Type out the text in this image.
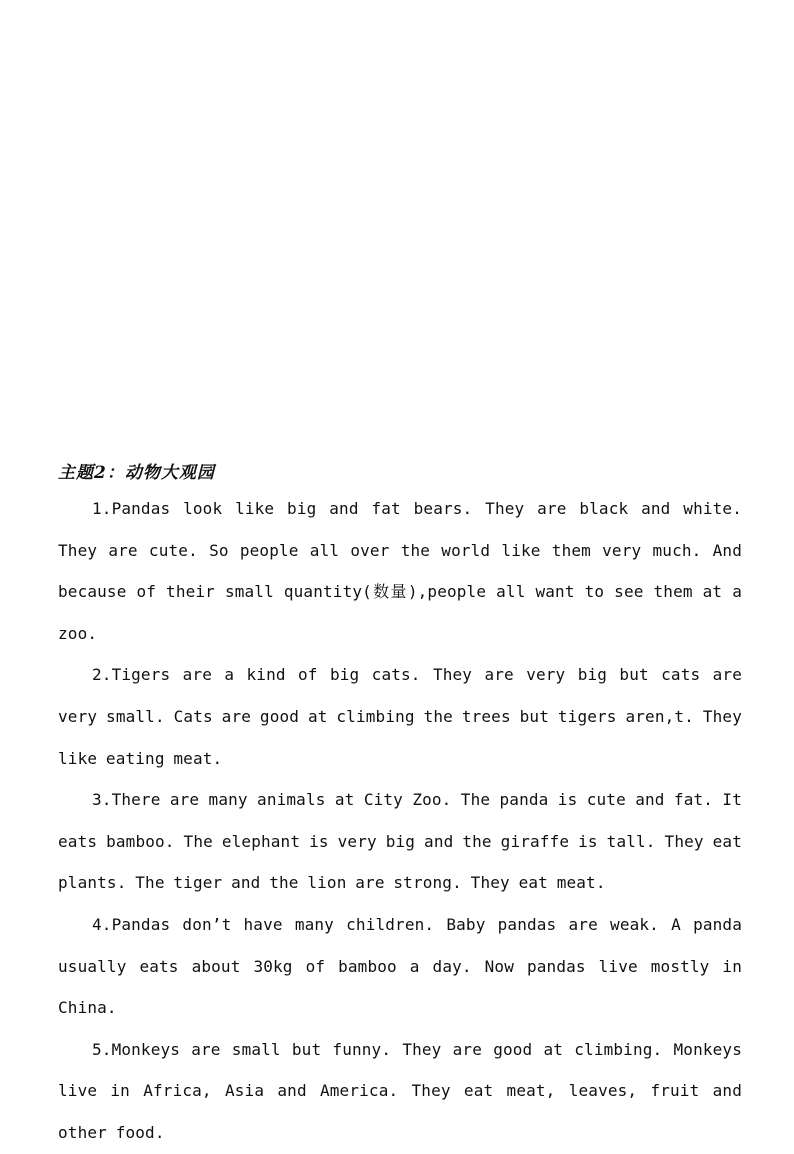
主题2：动物大观园

1.Pandas look like big and fat bears. They are black and white. They are cute. So people all over the world like them very much. And because of their small quantity(数量),people all want to see them at a zoo.

2.Tigers are a kind of big cats. They are very big but cats are very small. Cats are good at climbing the trees but tigers aren,t. They like eating meat.

3.There are many animals at City Zoo. The panda is cute and fat. It eats bamboo. The elephant is very big and the giraffe is tall. They eat plants. The tiger and the lion are strong. They eat meat.

4.Pandas don’t have many children. Baby pandas are weak. A panda usually eats about 30kg of bamboo a day. Now pandas live mostly in China.

5.Monkeys are small but funny. They are good at climbing. Monkeys live in Africa, Asia and America. They eat meat, leaves, fruit and other food.
